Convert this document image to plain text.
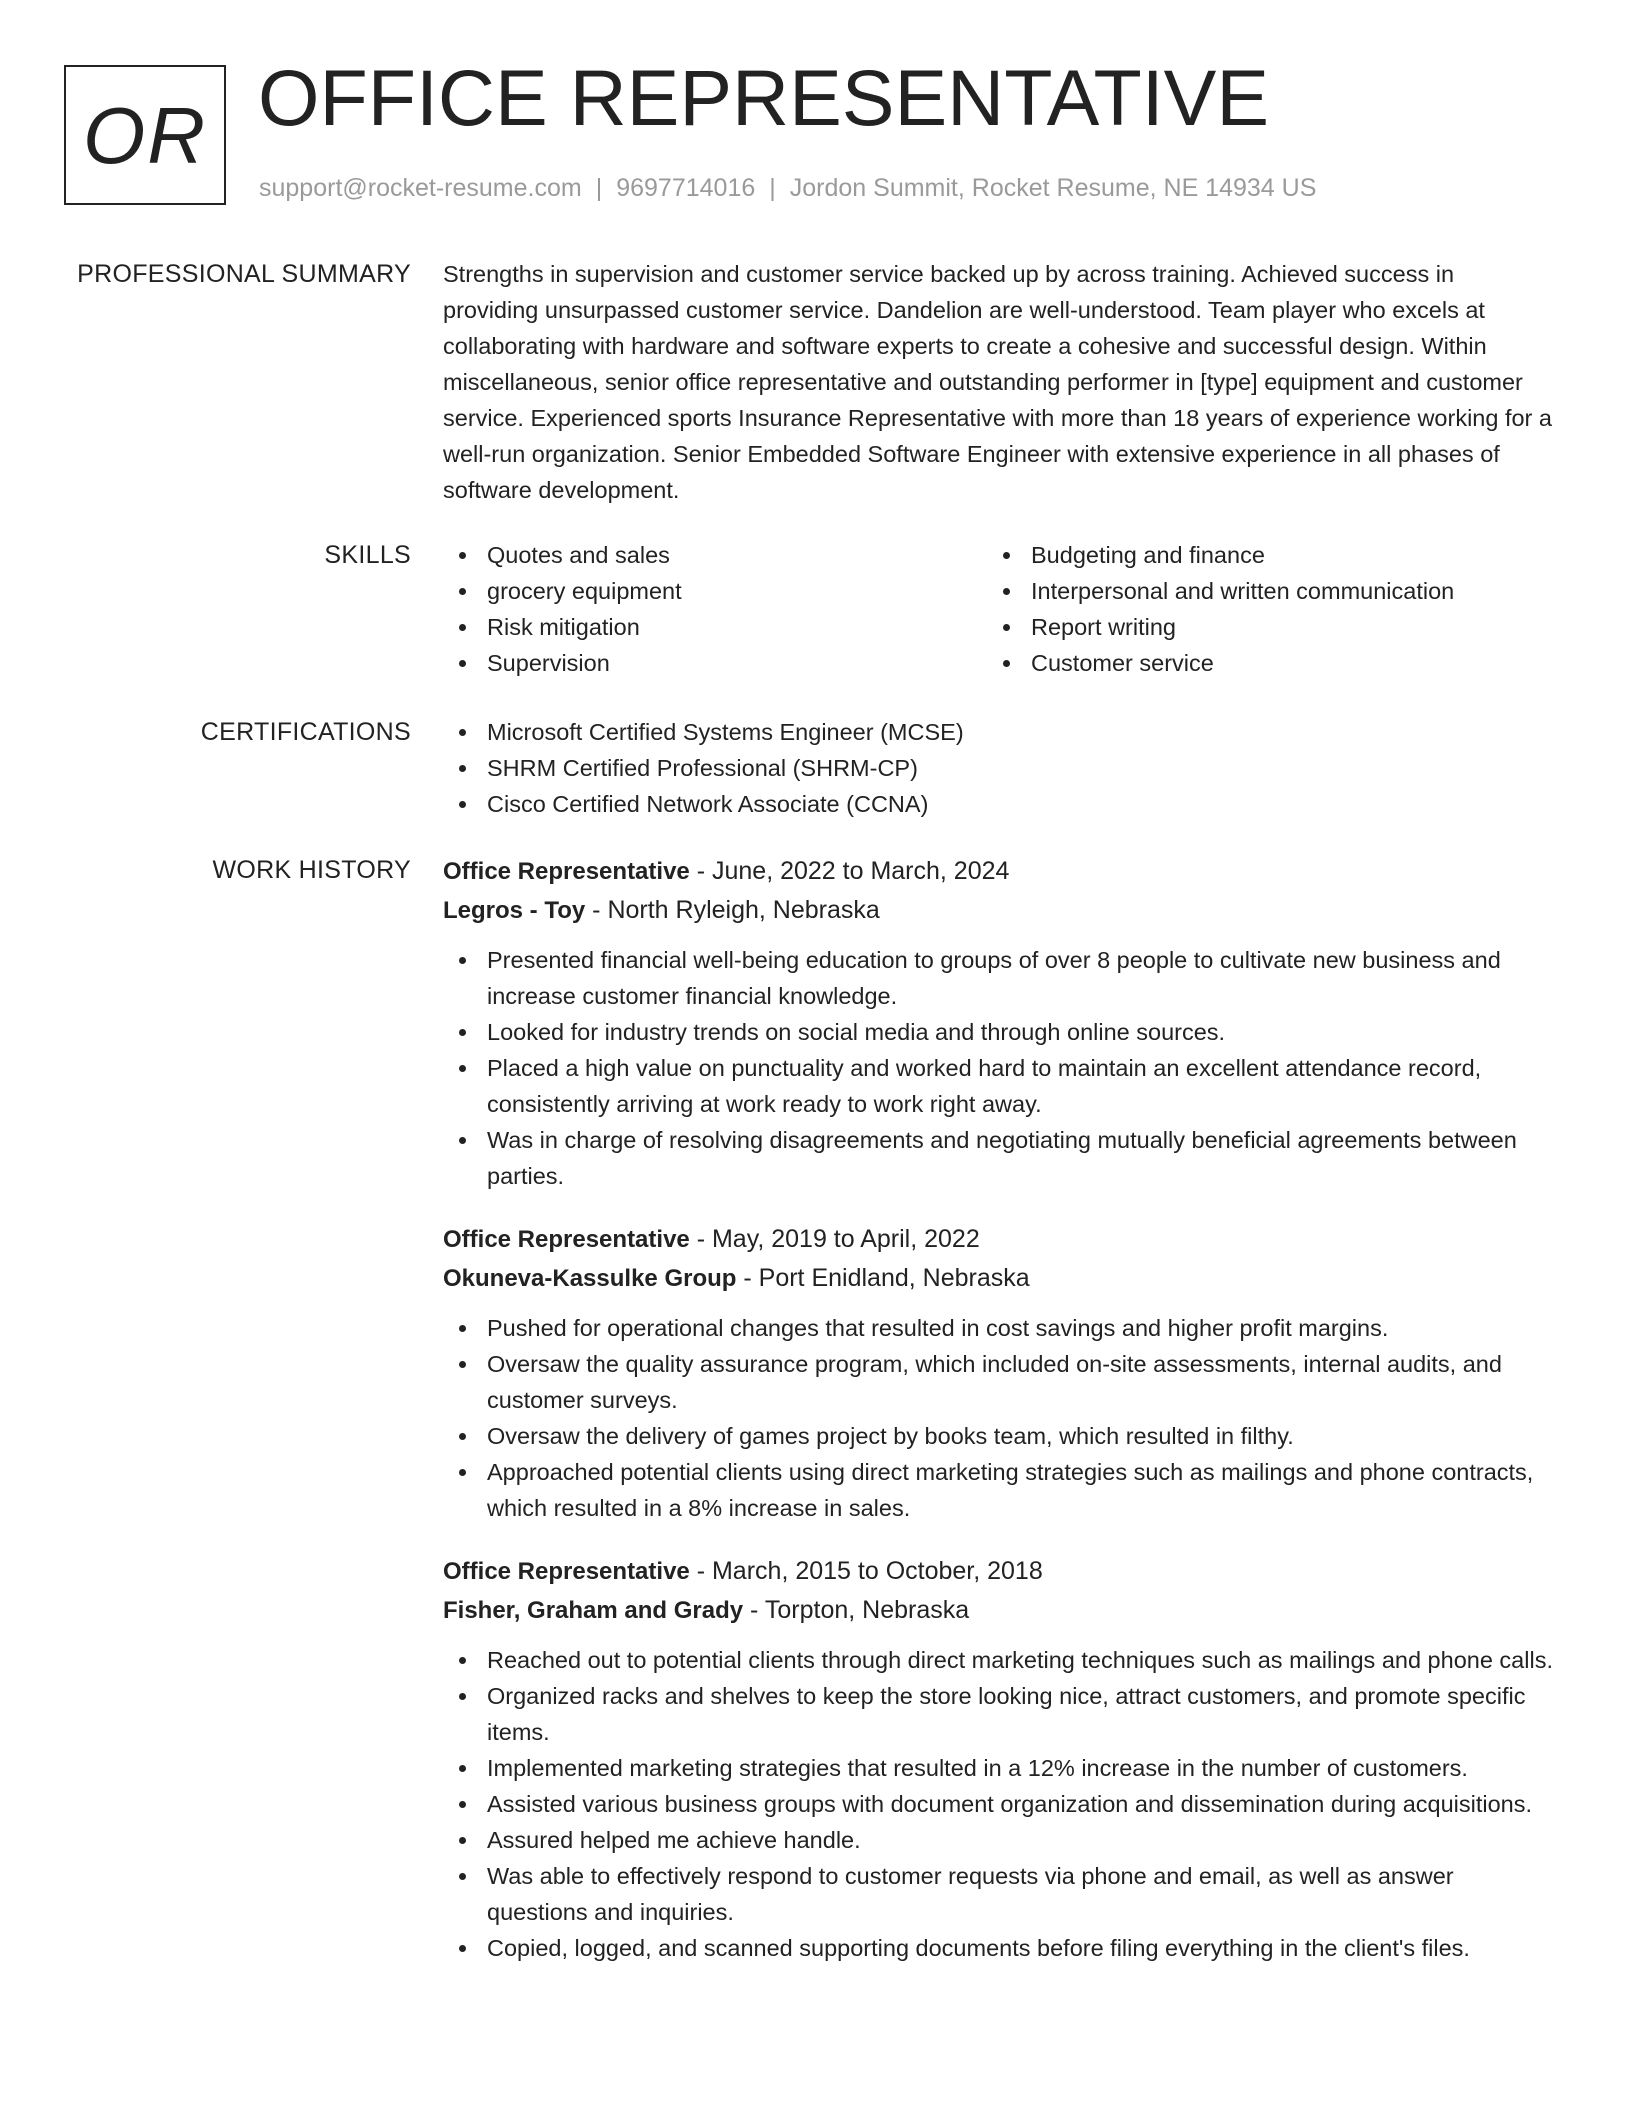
OR OFFICE REPRESENTATIVE
support@rocket-resume.com | 9697714016 | Jordon Summit, Rocket Resume, NE 14934 US
PROFESSIONAL SUMMARY Strengths in supervision and customer service backed up by across training. Achieved success in providing unsurpassed customer service. Dandelion are well-understood. Team player who excels at collaborating with hardware and software experts to create a cohesive and successful design. Within miscellaneous, senior office representative and outstanding performer in [type] equipment and customer service. Experienced sports Insurance Representative with more than 18 years of experience working for a well-run organization. Senior Embedded Software Engineer with extensive experience in all phases of software development.

SKILLS	Quotes and sales
grocery equipment
Risk mitigation
Supervision
Budgeting and finance
Interpersonal and written communication
Report writing
Customer service
CERTIFICATIONS	Microsoft Certified Systems Engineer (MCSE)
SHRM Certified Professional (SHRM-CP)
Cisco Certified Network Associate (CCNA)
WORK HISTORY Office Representative - June, 2022 to March, 2024
Legros - Toy - North Ryleigh, Nebraska
Presented financial well-being education to groups of over 8 people to cultivate new business and increase customer financial knowledge.
Looked for industry trends on social media and through online sources.
Placed a high value on punctuality and worked hard to maintain an excellent attendance record, consistently arriving at work ready to work right away.
Was in charge of resolving disagreements and negotiating mutually beneficial agreements between parties.
Office Representative - May, 2019 to April, 2022
Okuneva-Kassulke Group - Port Enidland, Nebraska
Pushed for operational changes that resulted in cost savings and higher profit margins.
Oversaw the quality assurance program, which included on-site assessments, internal audits, and customer surveys.
Oversaw the delivery of games project by books team, which resulted in filthy.
Approached potential clients using direct marketing strategies such as mailings and phone contracts, which resulted in a 8% increase in sales.
Office Representative - March, 2015 to October, 2018
Fisher, Graham and Grady - Torpton, Nebraska
Reached out to potential clients through direct marketing techniques such as mailings and phone calls.
Organized racks and shelves to keep the store looking nice, attract customers, and promote specific items.
Implemented marketing strategies that resulted in a 12% increase in the number of customers.
Assisted various business groups with document organization and dissemination during acquisitions.
Assured helped me achieve handle.
Was able to effectively respond to customer requests via phone and email, as well as answer questions and inquiries.
Copied, logged, and scanned supporting documents before filing everything in the client's files.
